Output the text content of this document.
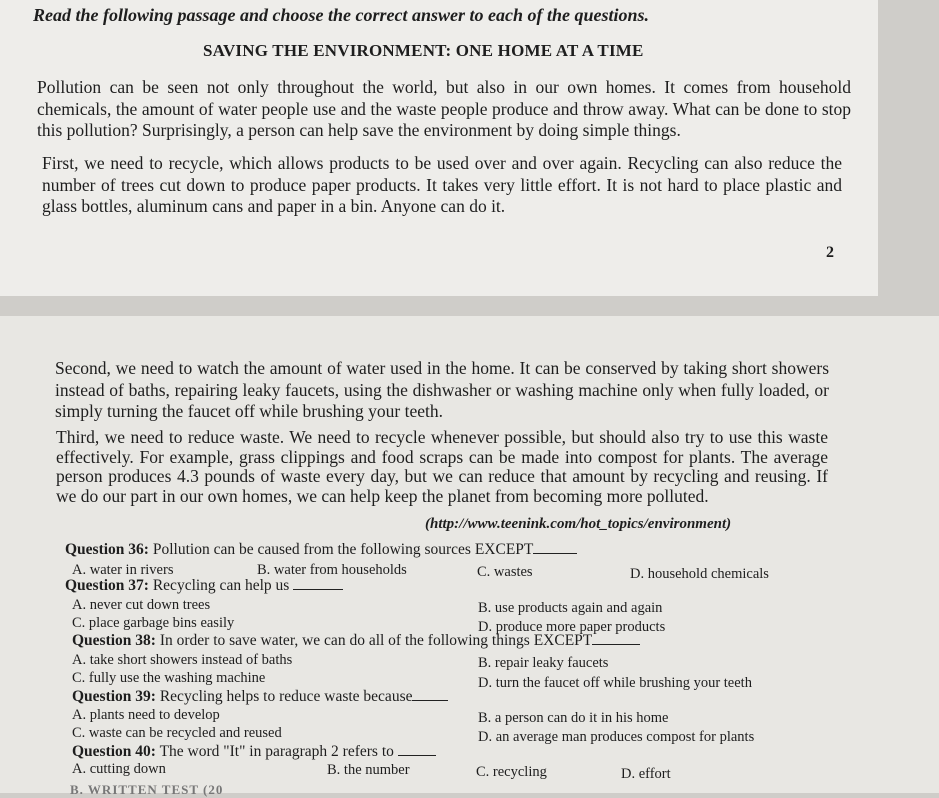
Read the following passage and choose the correct answer to each of the questions.
SAVING THE ENVIRONMENT: ONE HOME AT A TIME
Pollution can be seen not only throughout the world, but also in our own homes. It comes from household chemicals, the amount of water people use and the waste people produce and throw away. What can be done to stop this pollution? Surprisingly, a person can help save the environment by doing simple things.
First, we need to recycle, which allows products to be used over and over again. Recycling can also reduce the number of trees cut down to produce paper products. It takes very little effort. It is not hard to place plastic and glass bottles, aluminum cans and paper in a bin. Anyone can do it.
2
Second, we need to watch the amount of water used in the home. It can be conserved by taking short showers instead of baths, repairing leaky faucets, using the dishwasher or washing machine only when fully loaded, or simply turning the faucet off while brushing your teeth.
Third, we need to reduce waste. We need to recycle whenever possible, but should also try to use this waste effectively. For example, grass clippings and food scraps can be made into compost for plants. The average person produces 4.3 pounds of waste every day, but we can reduce that amount by recycling and reusing. If we do our part in our own homes, we can help keep the planet from becoming more polluted.
(http://www.teenink.com/hot_topics/environment)
Question 36: Pollution can be caused from the following sources EXCEPT
A. water in rivers	B. water from households	C. wastes	D. household chemicals
Question 37: Recycling can help us
A. never cut down trees	B. use products again and again
C. place garbage bins easily	D. produce more paper products
Question 38: In order to save water, we can do all of the following things EXCEPT
A. take short showers instead of baths	B. repair leaky faucets
C. fully use the washing machine	D. turn the faucet off while brushing your teeth
Question 39: Recycling helps to reduce waste because
A. plants need to develop	B. a person can do it in his home
C. waste can be recycled and reused	D. an average man produces compost for plants
Question 40: The word "It" in paragraph 2 refers to
A. cutting down	B. the number	C. recycling	D. effort
B. WRITTEN TEST (20
